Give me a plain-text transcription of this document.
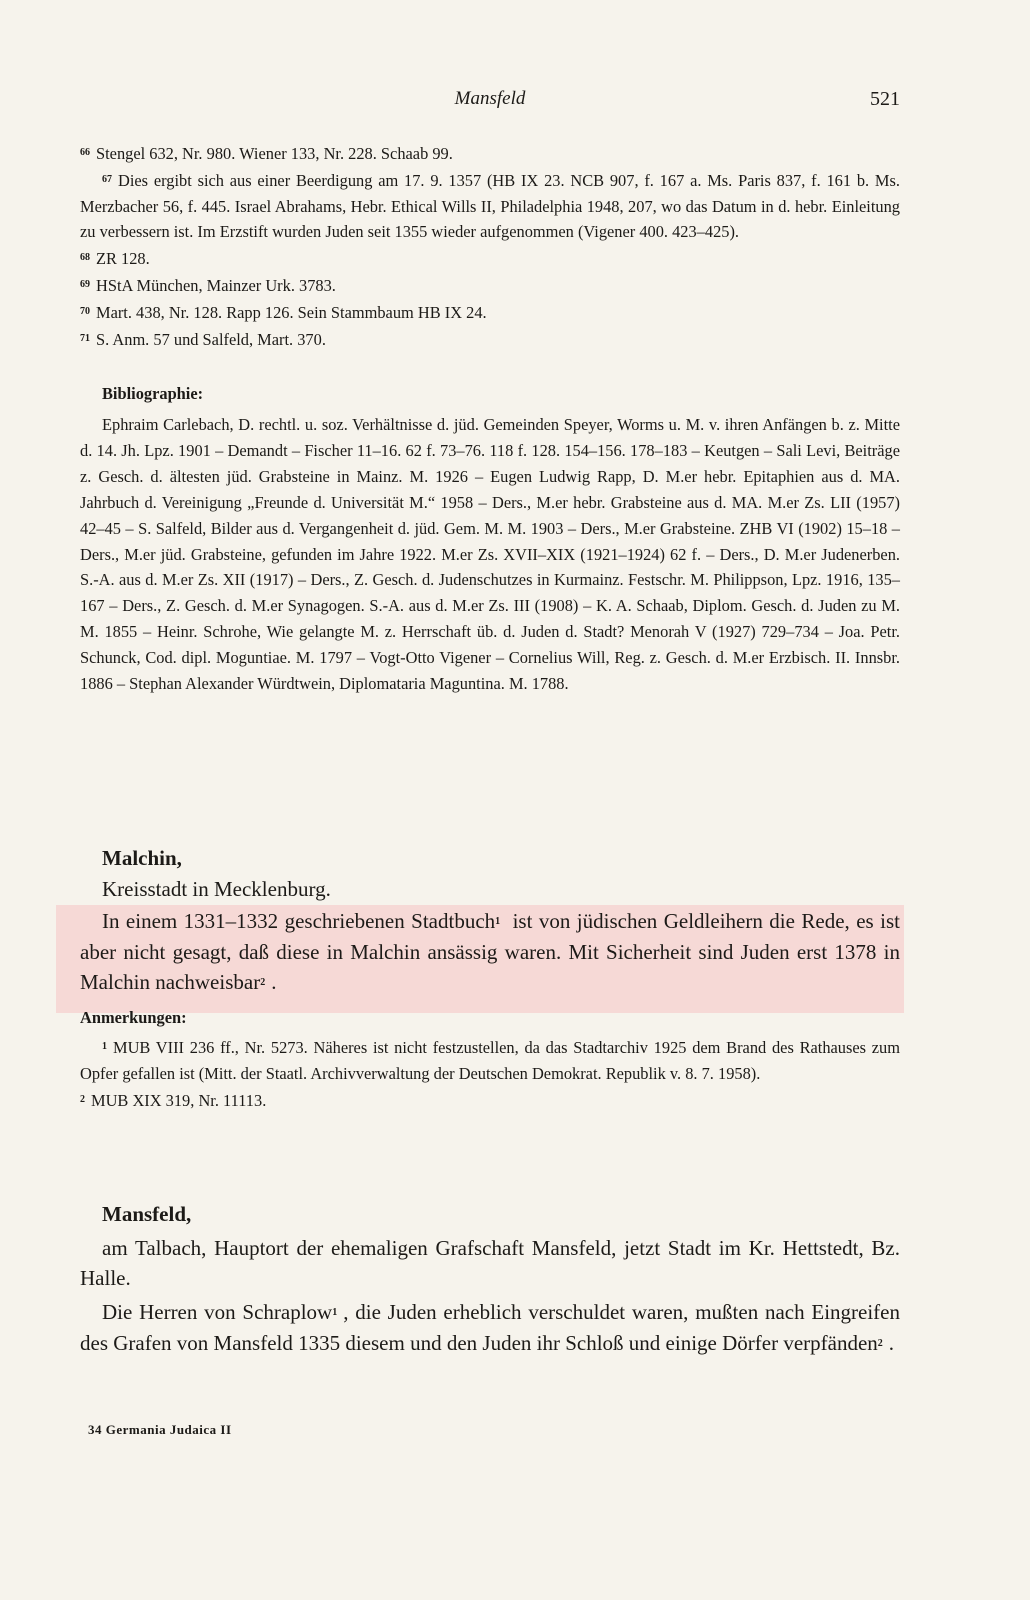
Mansfeld	521

$^{66}$ Stengel 632, Nr. 980. Wiener 133, Nr. 228. Schaab 99.

$^{67}$ Dies ergibt sich aus einer Beerdigung am 17. 9. 1357 (HB IX 23. NCB 907, f. 167 a. Ms. Paris 837, f. 161 b. Ms. Merzbacher 56, f. 445. Israel Abrahams, Hebr. Ethical Wills II, Philadelphia 1948, 207, wo das Datum in d. hebr. Einleitung zu verbessern ist. Im Erzstift wurden Juden seit 1355 wieder aufgenommen (Vigener 400. 423–425).

$^{68}$ ZR 128.

$^{69}$ HStA München, Mainzer Urk. 3783.

$^{70}$ Mart. 438, Nr. 128. Rapp 126. Sein Stammbaum HB IX 24.

$^{71}$ S. Anm. 57 und Salfeld, Mart. 370.

Bibliographie:

Ephraim Carlebach, D. rechtl. u. soz. Verhältnisse d. jüd. Gemeinden Speyer, Worms u. M. v. ihren Anfängen b. z. Mitte d. 14. Jh. Lpz. 1901 – Demandt – Fischer 11–16. 62 f. 73–76. 118 f. 128. 154–156. 178–183 – Keutgen – Sali Levi, Beiträge z. Gesch. d. ältesten jüd. Grabsteine in Mainz. M. 1926 – Eugen Ludwig Rapp, D. M.er hebr. Epitaphien aus d. MA. Jahrbuch d. Vereinigung „Freunde d. Universität M.“ 1958 – Ders., M.er hebr. Grabsteine aus d. MA. M.er Zs. LII (1957) 42–45 – S. Salfeld, Bilder aus d. Vergangenheit d. jüd. Gem. M. M. 1903 – Ders., M.er Grabsteine. ZHB VI (1902) 15–18 – Ders., M.er jüd. Grabsteine, gefunden im Jahre 1922. M.er Zs. XVII–XIX (1921–1924) 62 f. – Ders., D. M.er Judenerben. S.-A. aus d. M.er Zs. XII (1917) – Ders., Z. Gesch. d. Judenschutzes in Kurmainz. Festschr. M. Philippson, Lpz. 1916, 135–167 – Ders., Z. Gesch. d. M.er Synagogen. S.-A. aus d. M.er Zs. III (1908) – K. A. Schaab, Diplom. Gesch. d. Juden zu M. M. 1855 – Heinr. Schrohe, Wie gelangte M. z. Herrschaft üb. d. Juden d. Stadt? Menorah V (1927) 729–734 – Joa. Petr. Schunck, Cod. dipl. Moguntiae. M. 1797 – Vogt-Otto Vigener – Cornelius Will, Reg. z. Gesch. d. M.er Erzbisch. II. Innsbr. 1886 – Stephan Alexander Würdtwein, Diplomataria Maguntina. M. 1788.

Malchin,

Kreisstadt in Mecklenburg.

In einem 1331–1332 geschriebenen Stadtbuch$^1$ ist von jüdischen Geldleihern die Rede, es ist aber nicht gesagt, daß diese in Malchin ansässig waren. Mit Sicherheit sind Juden erst 1378 in Malchin nachweisbar$^2$ .

Anmerkungen:

$^1$ MUB VIII 236 ff., Nr. 5273. Näheres ist nicht festzustellen, da das Stadtarchiv 1925 dem Brand des Rathauses zum Opfer gefallen ist (Mitt. der Staatl. Archivverwaltung der Deutschen Demokrat. Republik v. 8. 7. 1958).

$^2$ MUB XIX 319, Nr. 11113.

Mansfeld,

am Talbach, Hauptort der ehemaligen Grafschaft Mansfeld, jetzt Stadt im Kr. Hettstedt, Bz. Halle.

Die Herren von Schraplow$^1$ , die Juden erheblich verschuldet waren, mußten nach Eingreifen des Grafen von Mansfeld 1335 diesem und den Juden ihr Schloß und einige Dörfer verpfänden$^2$ .

34 Germania Judaica II
